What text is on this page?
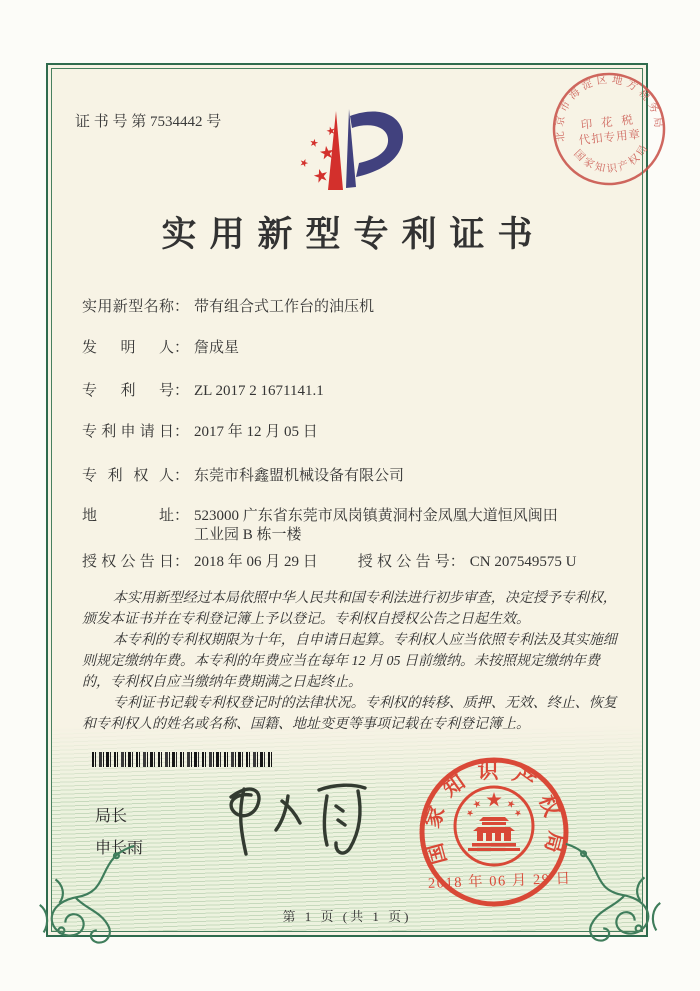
证 书 号 第 7534442 号
北京市海淀区地方税务局
国家知识产权局
印 花 税
代扣专用章
实用新型专利证书
实用新型名称： 带有组合式工作台的油压机
发明人： 詹成星
专利号： ZL 2017 2 1671141.1
专利申请日： 2017 年 12 月 05 日
专利权人： 东莞市科鑫盟机械设备有限公司
地址： 523000 广东省东莞市凤岗镇黄洞村金凤凰大道恒风闽田
工业园 B 栋一楼
授权公告日： 2018 年 06 月 29 日	授权公告号： CN 207549575 U

本实用新型经过本局依照中华人民共和国专利法进行初步审查，决定授予专利权，颁发本证书并在专利登记簿上予以登记。专利权自授权公告之日起生效。

本专利的专利权期限为十年，自申请日起算。专利权人应当依照专利法及其实施细则规定缴纳年费。本专利的年费应当在每年 12 月 05 日前缴纳。未按照规定缴纳年费的，专利权自应当缴纳年费期满之日起终止。

专利证书记载专利权登记时的法律状况。专利权的转移、质押、无效、终止、恢复和专利权人的姓名或名称、国籍、地址变更等事项记载在专利登记簿上。

局长
申长雨	国家知识产权局
2018 年 06 月 29 日
第 1 页 (共 1 页)
